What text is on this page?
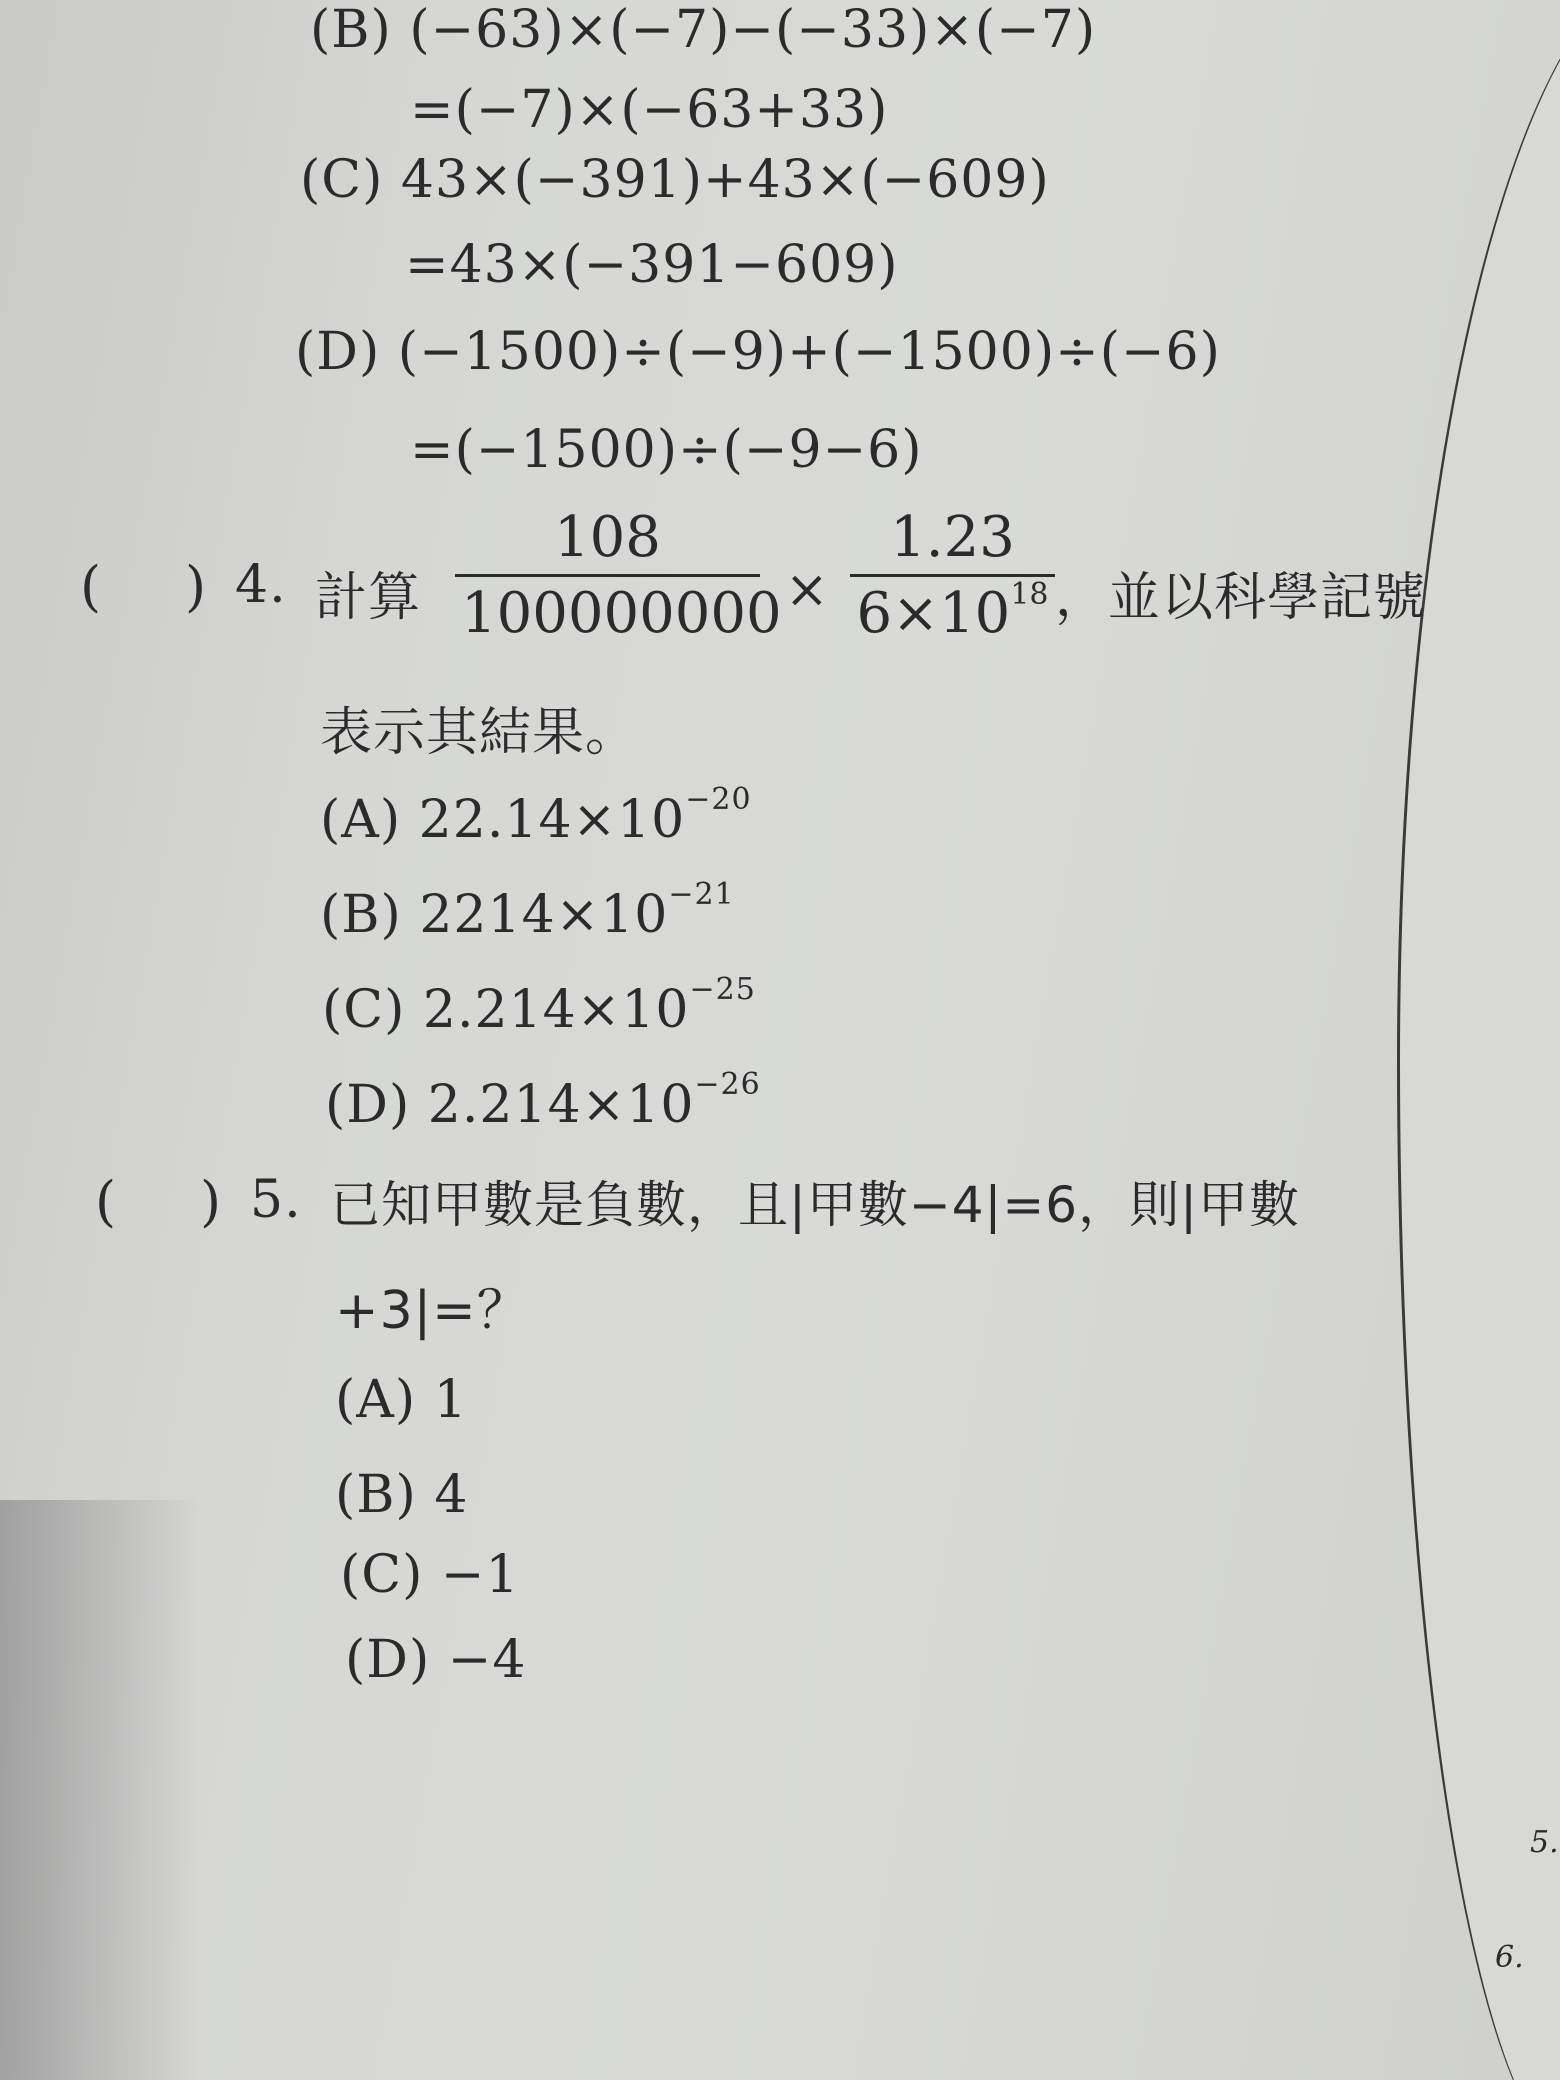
(B) (−63)×(−7)−(−33)×(−7)
=(−7)×(−63+33)
(C) 43×(−391)+43×(−609)
=43×(−391−609)
(D) (−1500)÷(−9)+(−1500)÷(−6)
=(−1500)÷(−9−6)
( ) 4. 計算
108
100000000 ×
1.23
$6\times 10^{18}$ ，並以科學記號
表示其結果。
(A) $22.14\times 10^{-20}$
(B) $2214\times 10^{-21}$
(C) $2.214\times 10^{-25}$
(D) $2.214\times 10^{-26}$
( ) 5. 已知甲數是負數，且|甲數−4|=6，則|甲數
+3|=？
(A) 1
(B) 4
(C) −1
(D) −4
5.
6.
